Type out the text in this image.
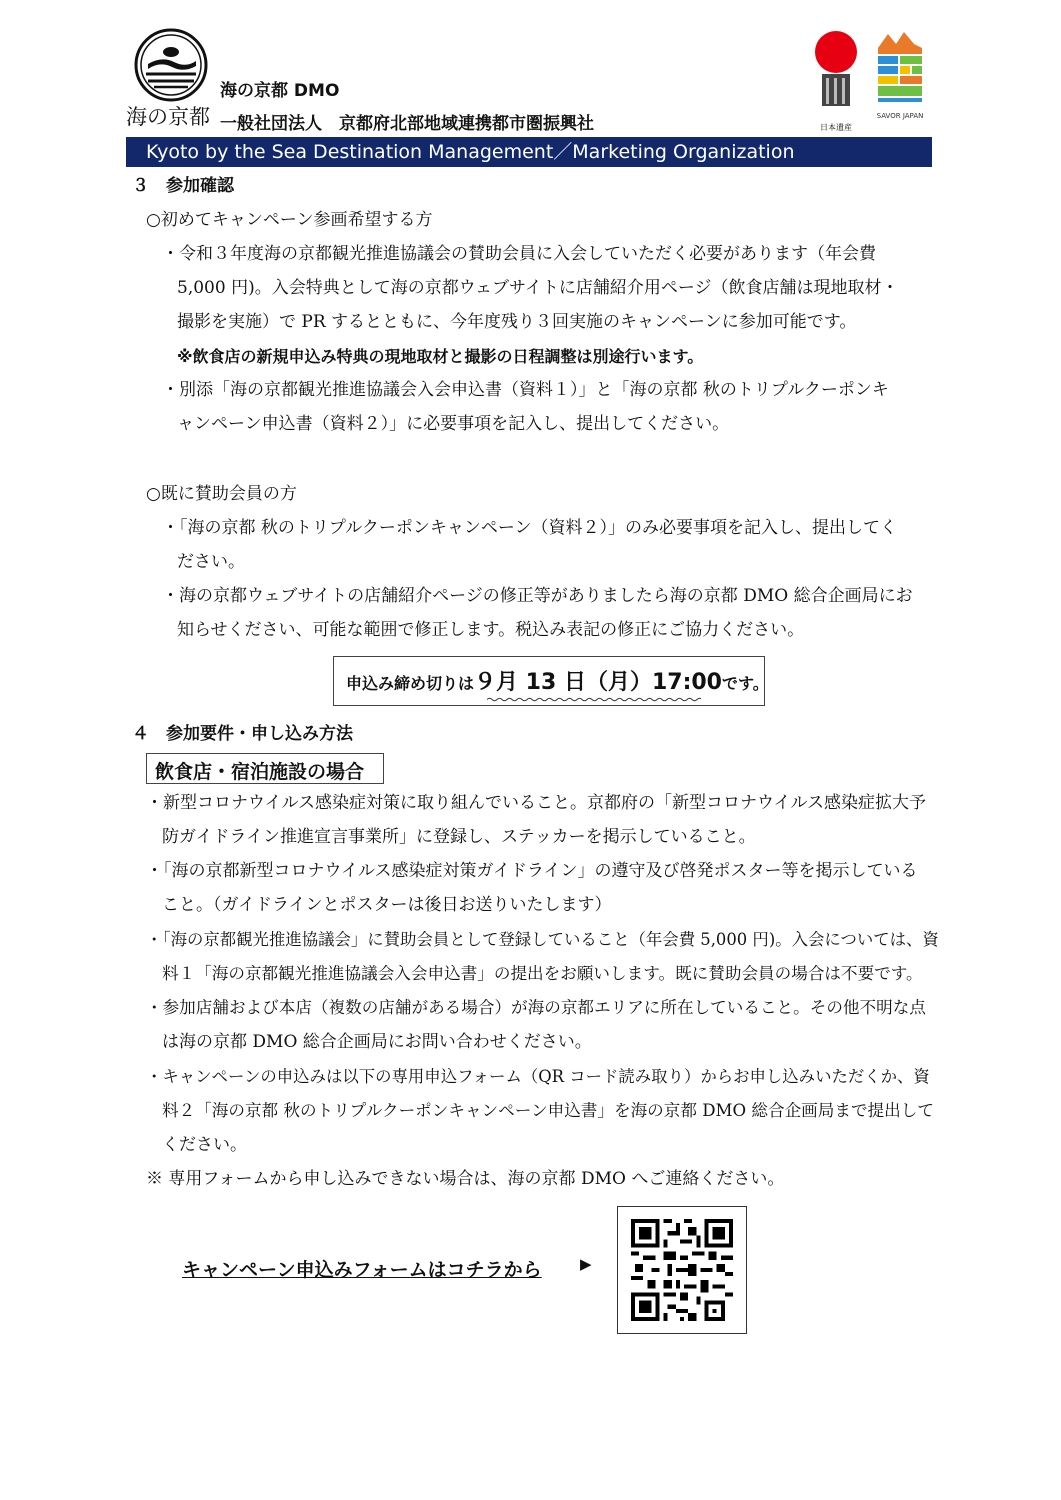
海の京都
海の京都 DMO
一般社団法人　京都府北部地域連携都市圏振興社
Kyoto by the Sea Destination Management／Marketing Organization
日本遺産
SAVOR JAPAN
３　参加確認
○初めてキャンペーン参画希望する方
・令和３年度海の京都観光推進協議会の賛助会員に入会していただく必要があります（年会費
5,000 円)。入会特典として海の京都ウェブサイトに店舗紹介用ページ（飲食店舗は現地取材・
撮影を実施）で PR するとともに、今年度残り３回実施のキャンペーンに参加可能です。
※飲食店の新規申込み特典の現地取材と撮影の日程調整は別途行います。
・別添「海の京都観光推進協議会入会申込書（資料１）」と「海の京都 秋のトリプルクーポンキ
ャンペーン申込書（資料２）」に必要事項を記入し、提出してください。
○既に賛助会員の方
・「海の京都 秋のトリプルクーポンキャンペーン（資料２）」のみ必要事項を記入し、提出してく
ださい。
・海の京都ウェブサイトの店舗紹介ページの修正等がありましたら海の京都 DMO 総合企画局にお
知らせください、可能な範囲で修正します。税込み表記の修正にご協力ください。
申込み締め切りは９月 13 日（月）17:00です。
４　参加要件・申し込み方法
飲食店・宿泊施設の場合
・新型コロナウイルス感染症対策に取り組んでいること。京都府の「新型コロナウイルス感染症拡大予
防ガイドライン推進宣言事業所」に登録し、ステッカーを掲示していること。
・「海の京都新型コロナウイルス感染症対策ガイドライン」の遵守及び啓発ポスター等を掲示している
こと。（ガイドラインとポスターは後日お送りいたします）
・「海の京都観光推進協議会」に賛助会員として登録していること（年会費 5,000 円)。入会については、資
料１「海の京都観光推進協議会入会申込書」の提出をお願いします。既に賛助会員の場合は不要です。
・参加店舗および本店（複数の店舗がある場合）が海の京都エリアに所在していること。その他不明な点
は海の京都 DMO 総合企画局にお問い合わせください。
・キャンペーンの申込みは以下の専用申込フォーム（QR コード読み取り）からお申し込みいただくか、資
料２「海の京都 秋のトリプルクーポンキャンペーン申込書」を海の京都 DMO 総合企画局まで提出して
ください。
※ 専用フォームから申し込みできない場合は、海の京都 DMO へご連絡ください。
キャンペーン申込みフォームはコチラから	▶
